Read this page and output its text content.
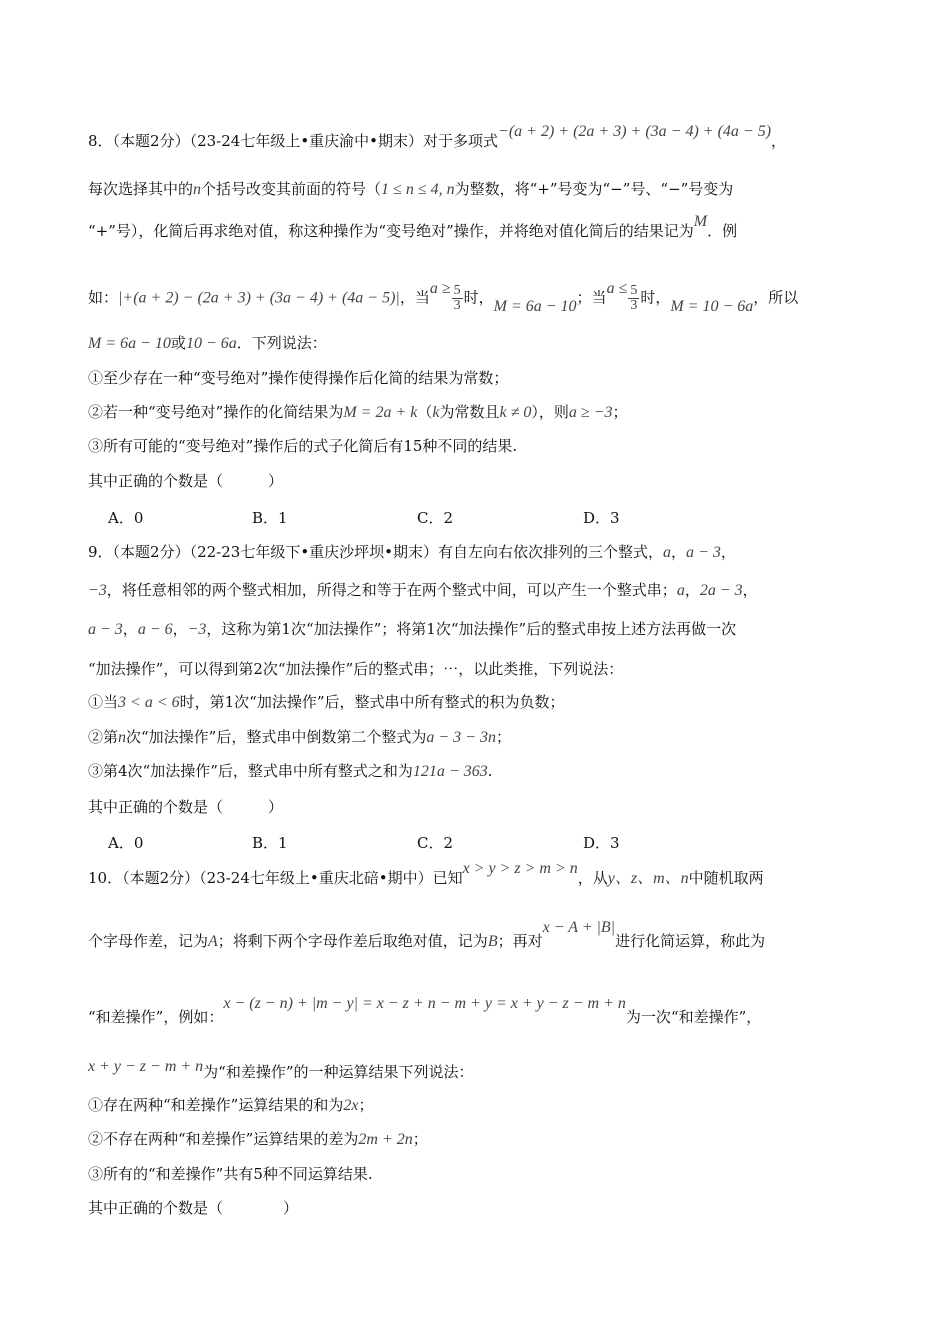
8．（本题2分）（23-24七年级上•重庆渝中•期末）对于多项式−(a + 2) + (2a + 3) + (3a − 4) + (4a − 5)，
每次选择其中的n个括号改变其前面的符号（1 ≤ n ≤ 4, n为整数，将“+”号变为“−”号、“−”号变为
“+”号），化简后再求绝对值，称这种操作为“变号绝对”操作，并将绝对值化简后的结果记为M．例
如：|+(a + 2) − (2a + 3) + (3a − 4) + (4a − 5)|，当$a \ge \frac{5}{3}$ 时，M = 6a − 10；当$a \le \frac{5}{3}$ 时，M = 10 − 6a，所以
M = 6a − 10或10 − 6a．下列说法：
①至少存在一种“变号绝对”操作使得操作后化简的结果为常数；
②若一种“变号绝对”操作的化简结果为M = 2a + k（k为常数且k ≠ 0），则a ≥ −3；
③所有可能的“变号绝对”操作后的式子化简后有15种不同的结果.
其中正确的个数是（　　　）
A．0	B．1	C．2	D．3
9．（本题2分）（22-23七年级下•重庆沙坪坝•期末）有自左向右依次排列的三个整式，a，a − 3，
−3，将任意相邻的两个整式相加，所得之和等于在两个整式中间，可以产生一个整式串；a，2a − 3，
a − 3，a − 6，−3，这称为第1次“加法操作”；将第1次“加法操作”后的整式串按上述方法再做一次
“加法操作”，可以得到第2次“加法操作”后的整式串；⋯，以此类推，下列说法：
①当3 < a < 6时，第1次“加法操作”后，整式串中所有整式的积为负数；
②第n次“加法操作”后，整式串中倒数第二个整式为a − 3 − 3n；
③第4次“加法操作”后，整式串中所有整式之和为121a − 363.
其中正确的个数是（　　　）
A．0	B．1	C．2	D．3
10．（本题2分）（23-24七年级上•重庆北碚•期中）已知x > y > z > m > n，从y、z、m、n中随机取两
个字母作差，记为A；将剩下两个字母作差后取绝对值，记为B；再对x − A + |B|进行化简运算，称此为
“和差操作”，例如：x − (z − n) + |m − y| = x − z + n − m + y = x + y − z − m + n为一次“和差操作”，
x + y − z − m + n为“和差操作”的一种运算结果下列说法：
①存在两种“和差操作”运算结果的和为2x；
②不存在两种“和差操作”运算结果的差为2m + 2n；
③所有的“和差操作”共有5种不同运算结果.
其中正确的个数是（　　　　）
